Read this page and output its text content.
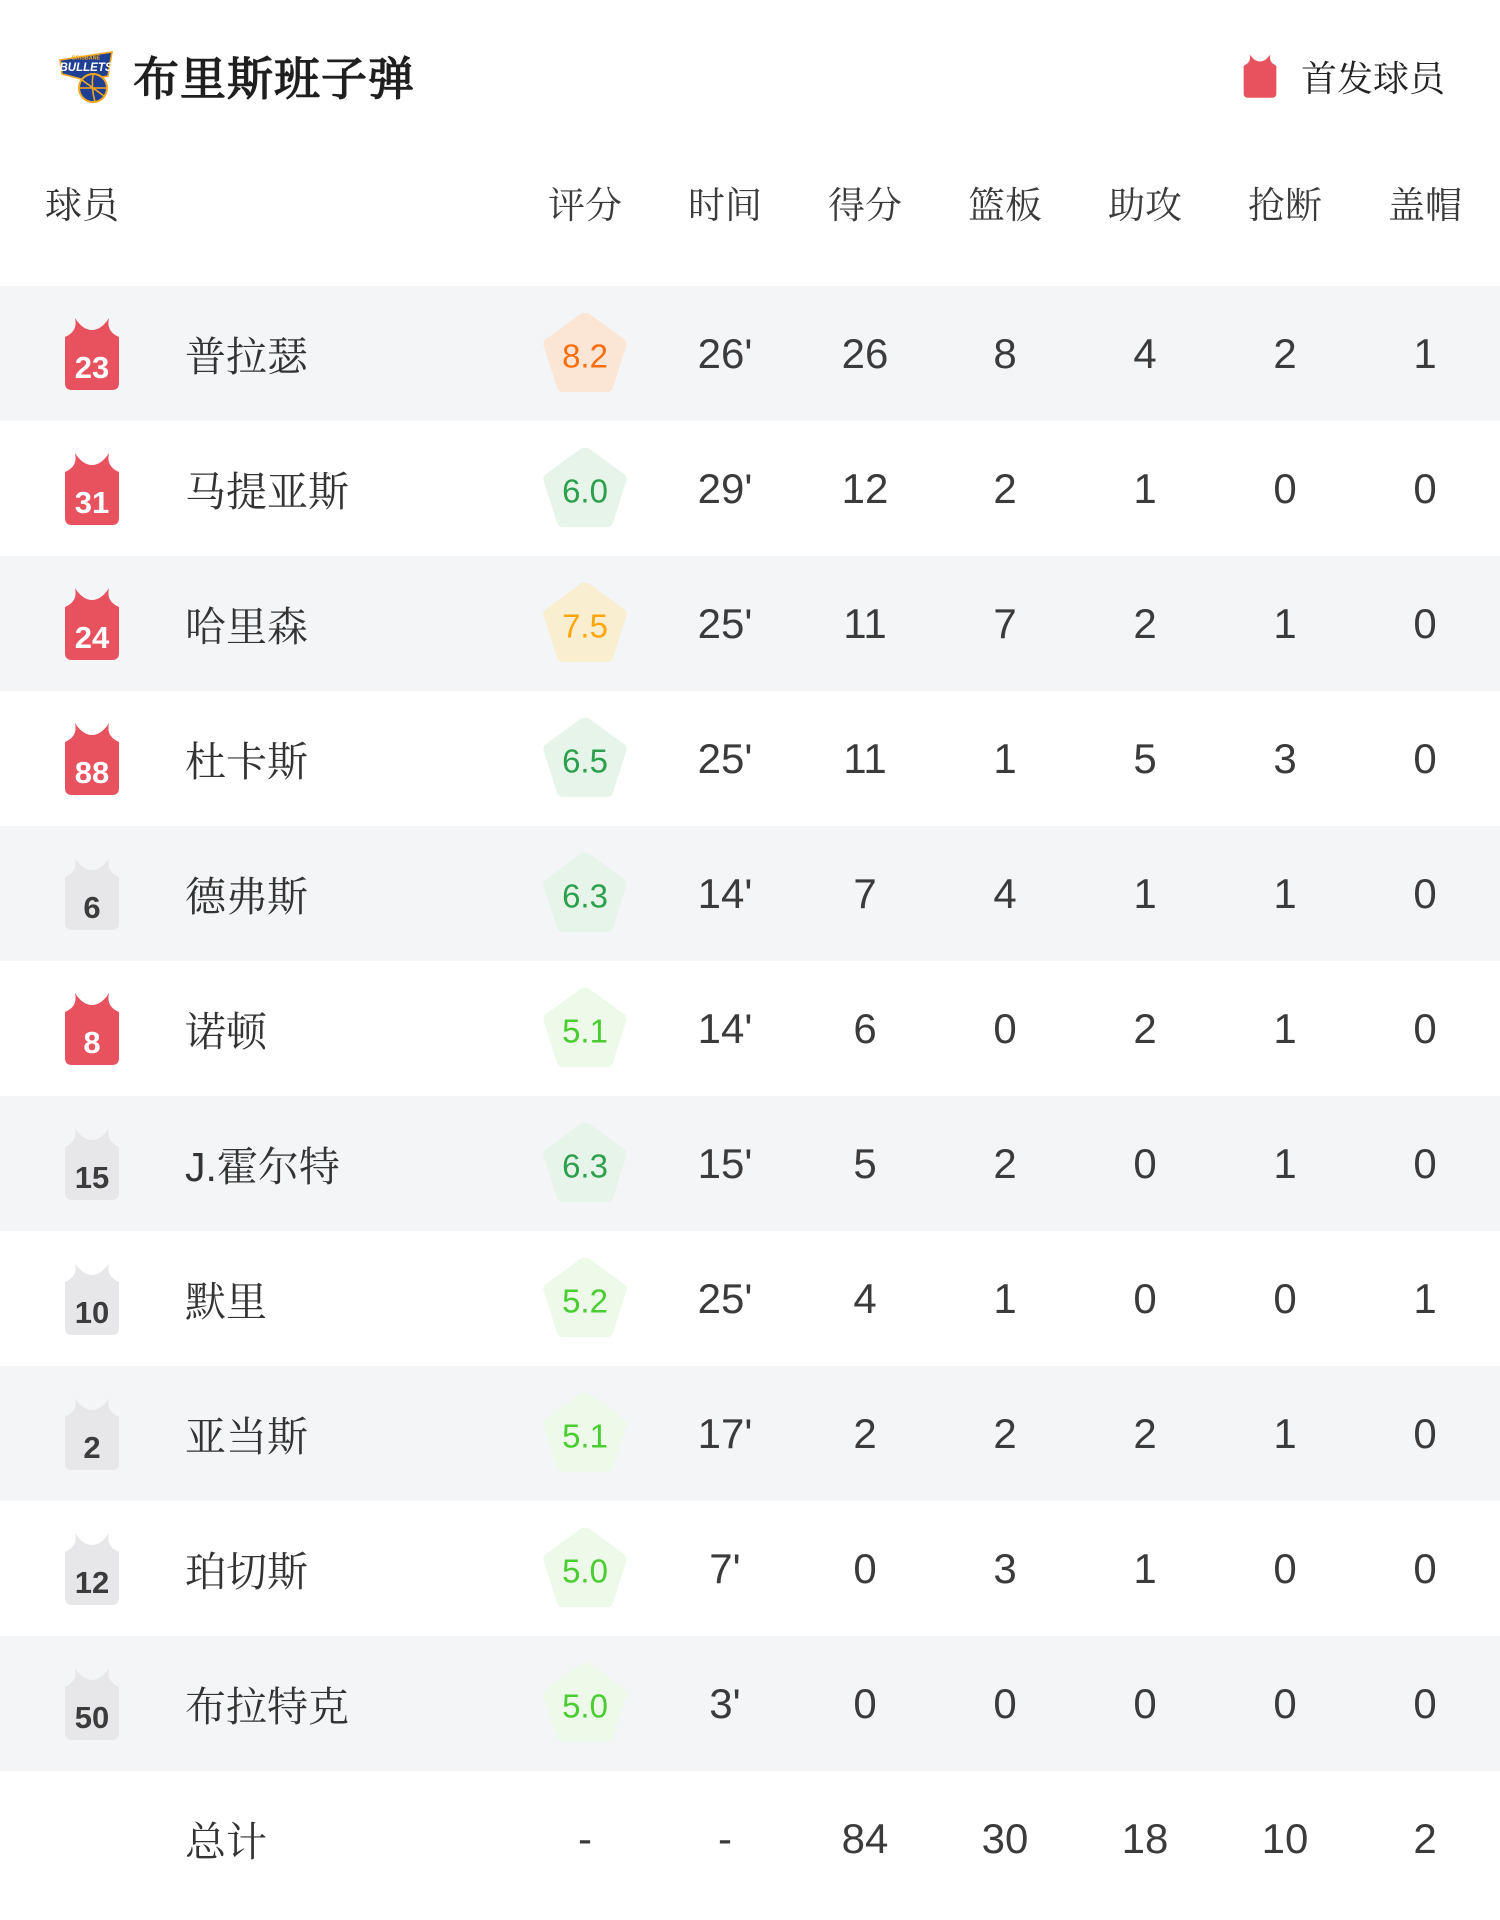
BRISBANE
BULLETS 布里斯班子弹	首发球员
球员	评分	时间	得分	篮板	助攻	抢断	盖帽
23	普拉瑟	8.2	26'	26	8	4	2	1
31	马提亚斯	6.0	29'	12	2	1	0	0
24	哈里森	7.5	25'	11	7	2	1	0
88	杜卡斯	6.5	25'	11	1	5	3	0
6	德弗斯	6.3	14'	7	4	1	1	0
8	诺顿	5.1	14'	6	0	2	1	0
15	J.霍尔特	6.3	15'	5	2	0	1	0
10	默里	5.2	25'	4	1	0	0	1
2	亚当斯	5.1	17'	2	2	2	1	0
12	珀切斯	5.0	7'	0	3	1	0	0
50	布拉特克	5.0	3'	0	0	0	0	0
总计	-	-	84	30	18	10	2
